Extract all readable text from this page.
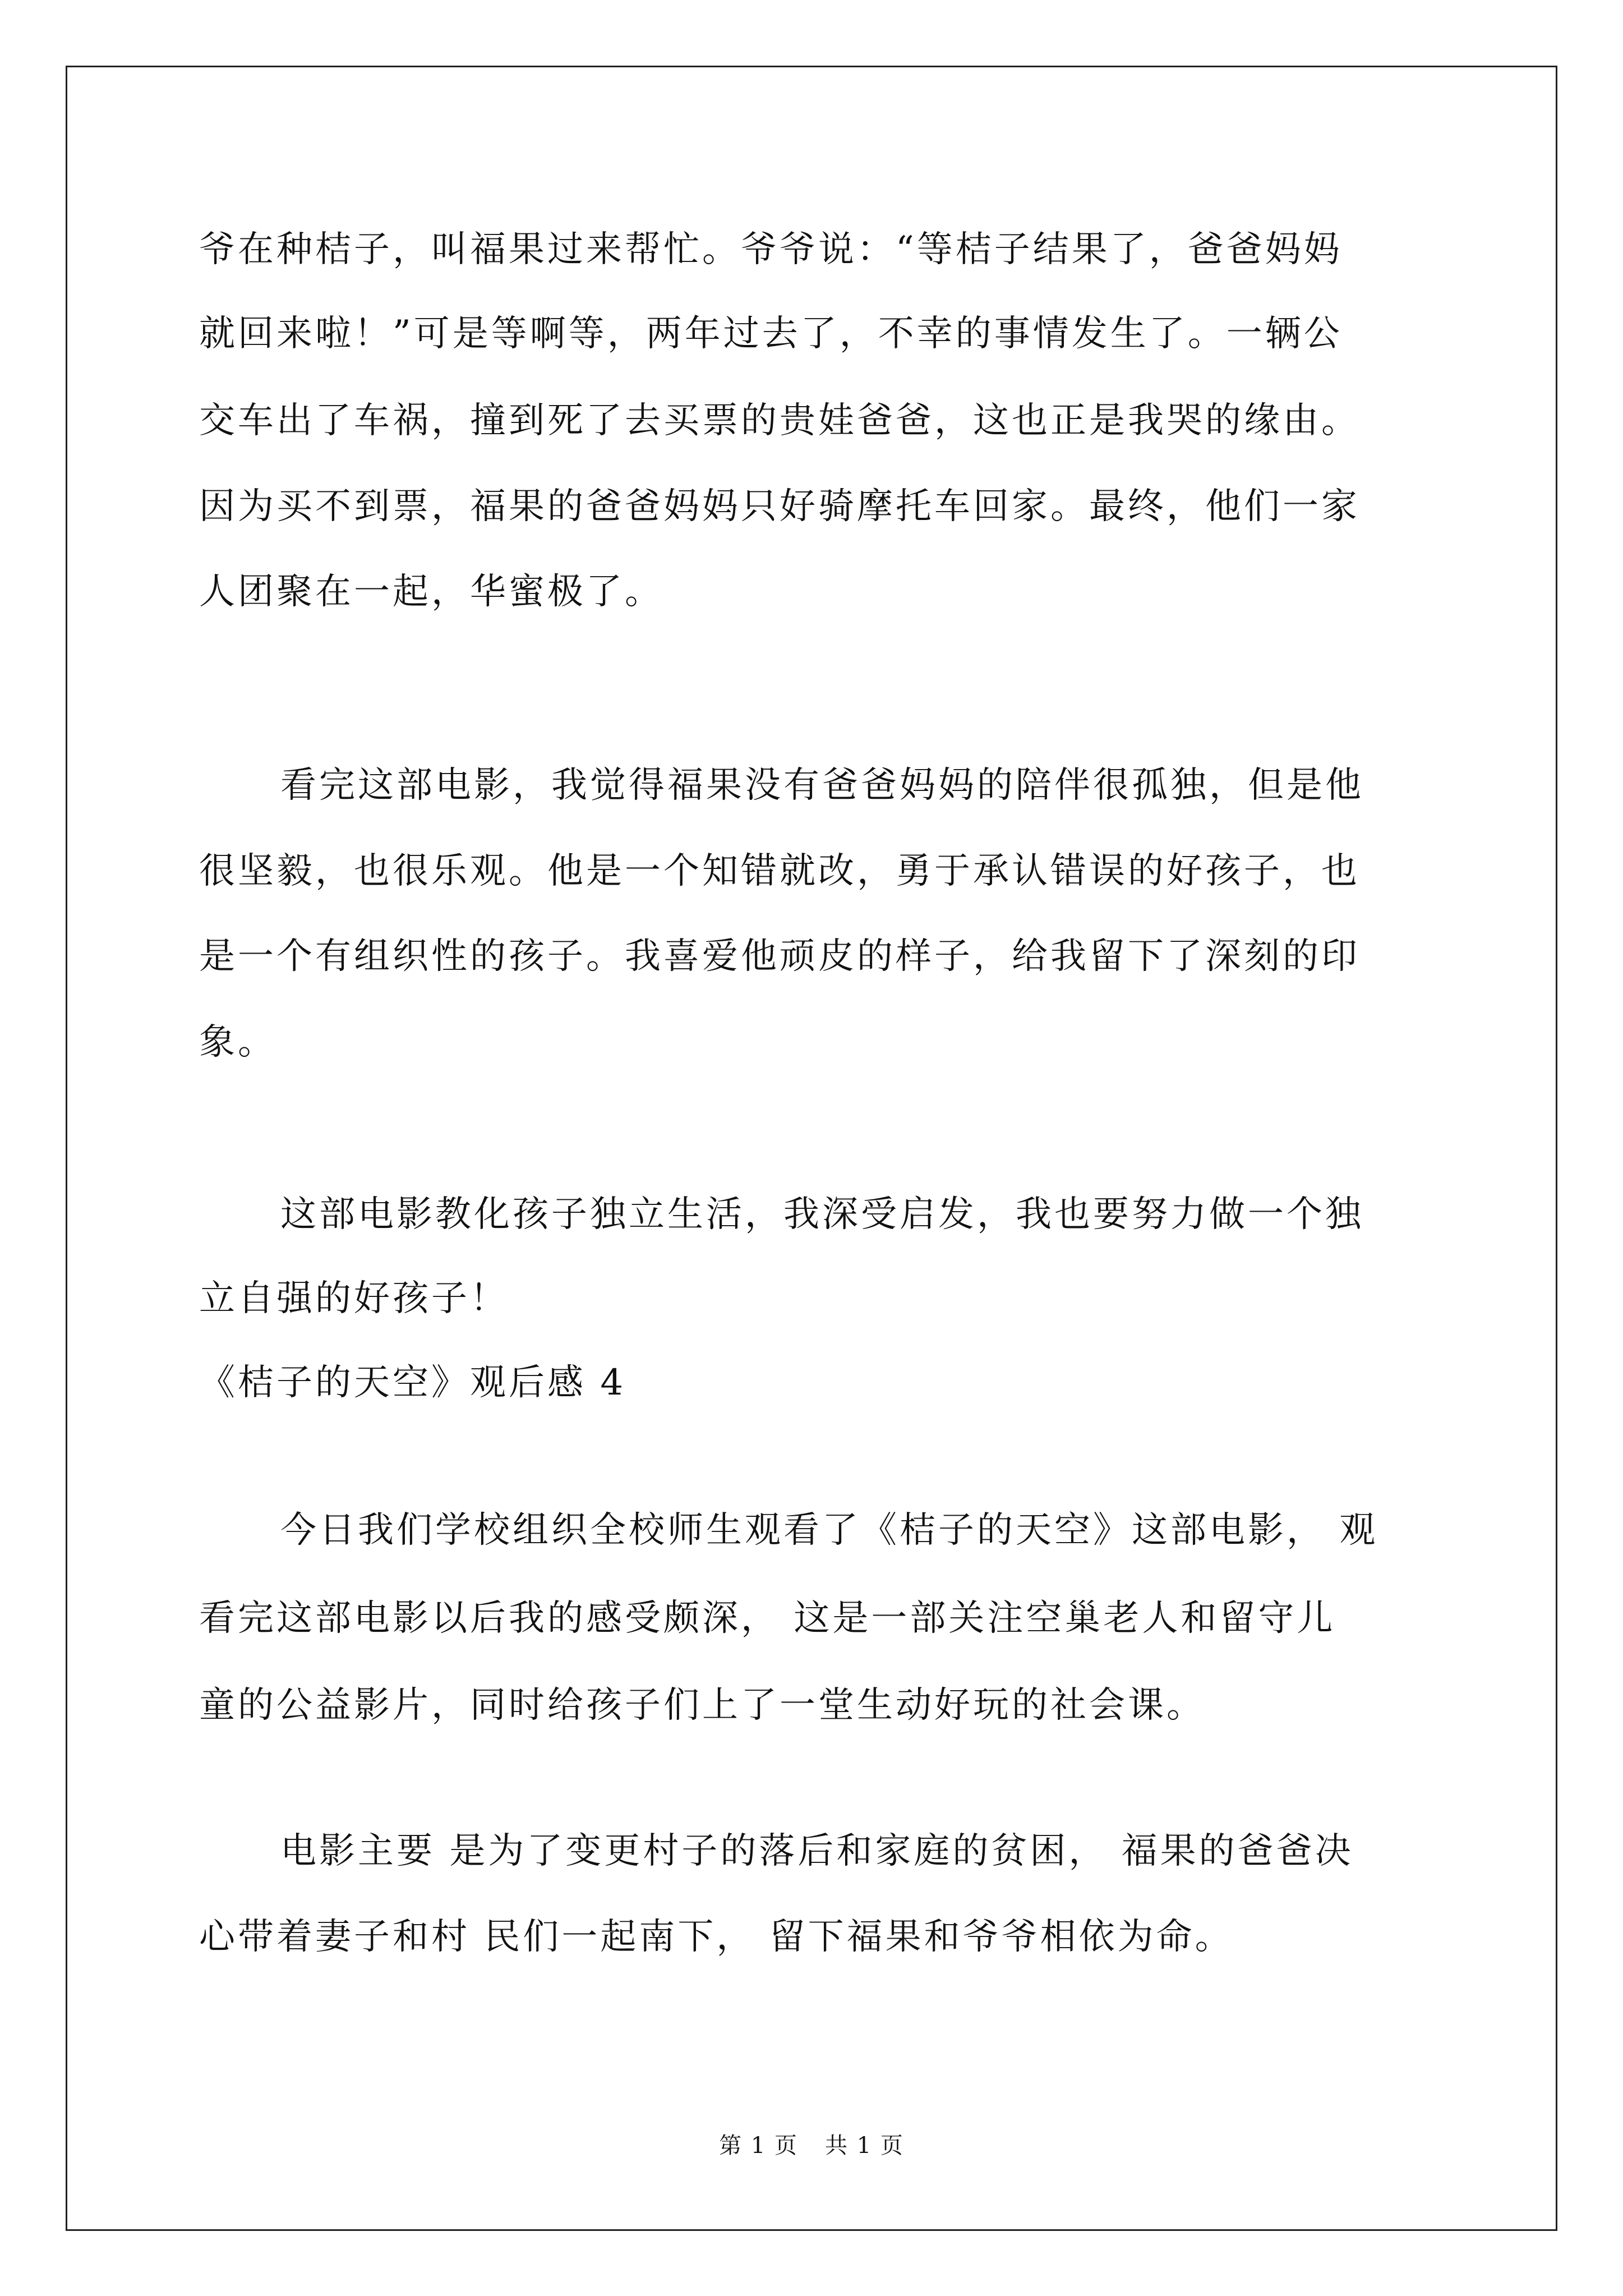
爷在种桔子，叫福果过来帮忙。爷爷说：“等桔子结果了，爸爸妈妈
就回来啦！”可是等啊等，两年过去了，不幸的事情发生了。一辆公
交车出了车祸，撞到死了去买票的贵娃爸爸，这也正是我哭的缘由。
因为买不到票，福果的爸爸妈妈只好骑摩托车回家。最终，他们一家
人团聚在一起，华蜜极了。
看完这部电影，我觉得福果没有爸爸妈妈的陪伴很孤独，但是他
很坚毅，也很乐观。他是一个知错就改，勇于承认错误的好孩子，也
是一个有组织性的孩子。我喜爱他顽皮的样子，给我留下了深刻的印
象。
这部电影教化孩子独立生活，我深受启发，我也要努力做一个独
立自强的好孩子！
《桔子的天空》观后感 4
今日我们学校组织全校师生观看了《桔子的天空》这部电影， 观
看完这部电影以后我的感受颇深， 这是一部关注空巢老人和留守儿
童的公益影片，同时给孩子们上了一堂生动好玩的社会课。
电影主要 是为了变更村子的落后和家庭的贫困， 福果的爸爸决
心带着妻子和村 民们一起南下， 留下福果和爷爷相依为命。
第 1 页 共 1 页
